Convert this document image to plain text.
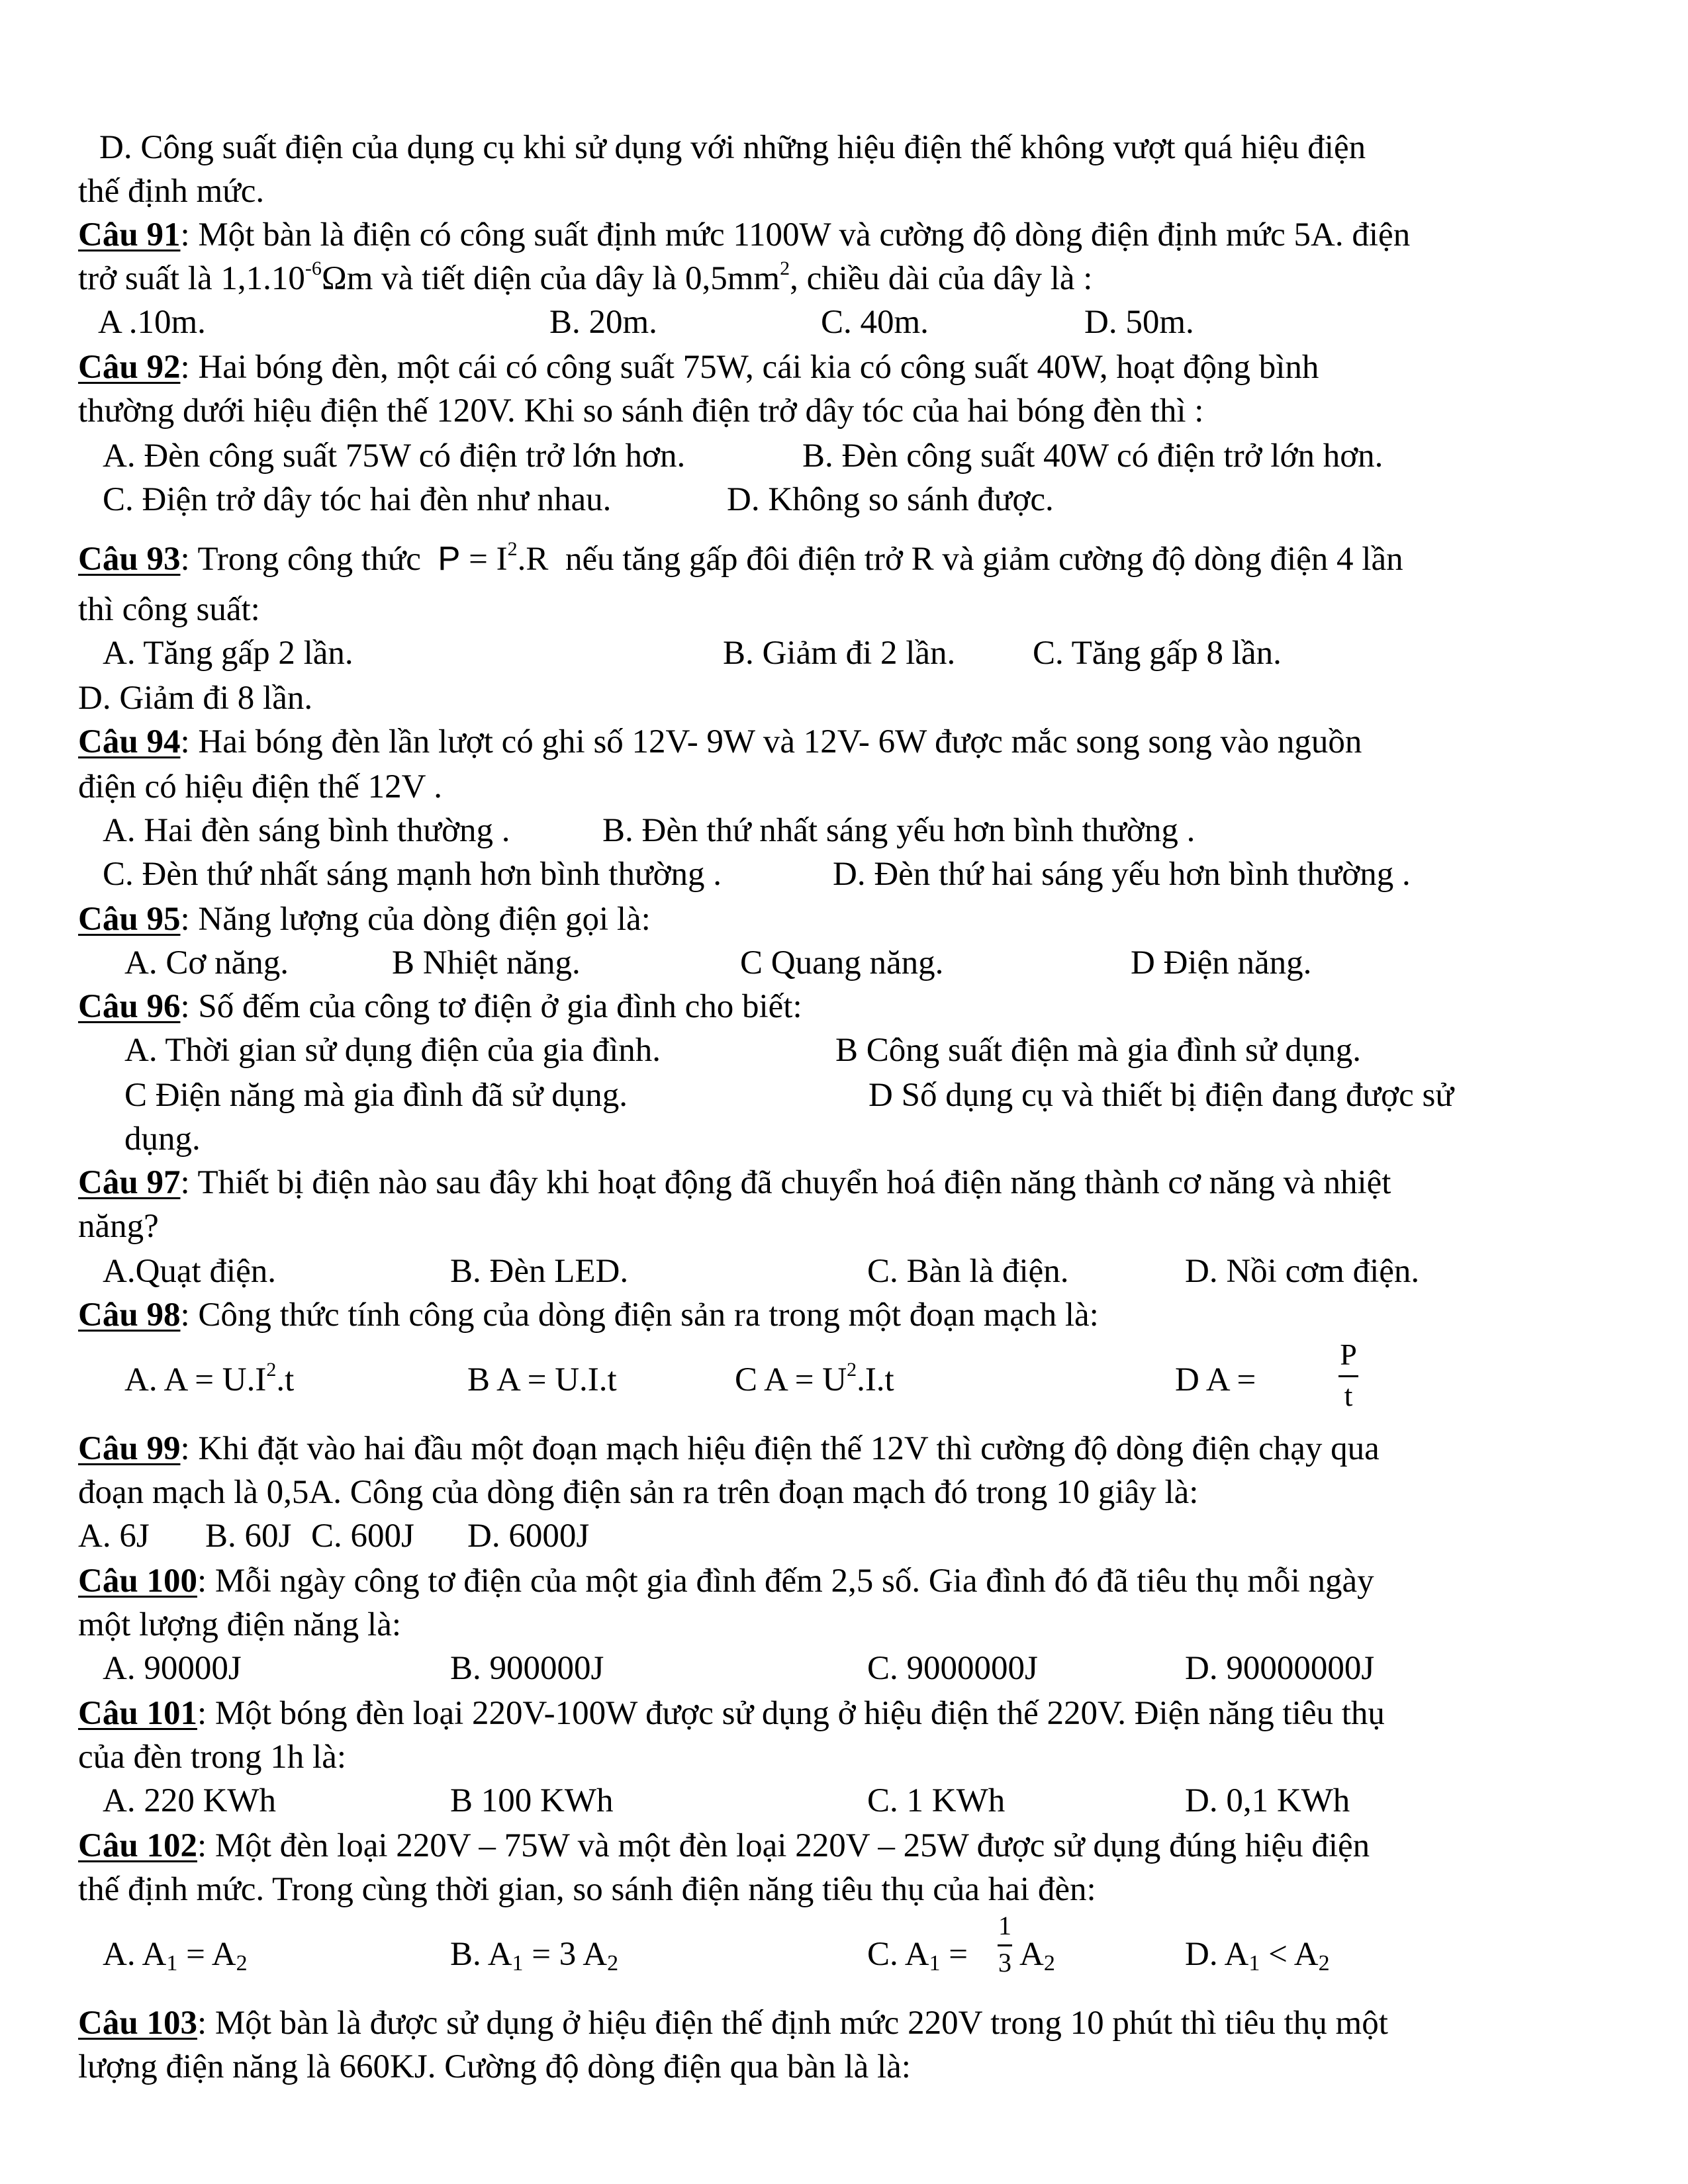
D. Công suất điện của dụng cụ khi sử dụng với những hiệu điện thế không vượt quá hiệu điện
thế định mức.
Câu 91: Một bàn là điện có công suất định mức 1100W và cường độ dòng điện định mức 5A. điện
trở suất là $1,1.10^{-6}\Omega m$ và tiết diện của dây là $0,5mm^2$, chiều dài của dây là :
A .10m.	B. 20m.	C. 40m.	D. 50m.
Câu 92: Hai bóng đèn, một cái có công suất 75W, cái kia có công suất 40W, hoạt động bình
thường dưới hiệu điện thế 120V. Khi so sánh điện trở dây tóc của hai bóng đèn thì :
A. Đèn công suất 75W có điện trở lớn hơn.	B. Đèn công suất 40W có điện trở lớn hơn.
C. Điện trở dây tóc hai đèn như nhau.	D. Không so sánh được.
Câu 93: Trong công thức $P = I^2.R$ nếu tăng gấp đôi điện trở R và giảm cường độ dòng điện 4 lần
thì công suất:
A. Tăng gấp 2 lần.	B. Giảm đi 2 lần. C. Tăng gấp 8 lần.
D. Giảm đi 8 lần.
Câu 94: Hai bóng đèn lần lượt có ghi số 12V- 9W và 12V- 6W được mắc song song vào nguồn
điện có hiệu điện thế 12V .
A. Hai đèn sáng bình thường .	B. Đèn thứ nhất sáng yếu hơn bình thường .
C. Đèn thứ nhất sáng mạnh hơn bình thường .	D. Đèn thứ hai sáng yếu hơn bình thường .
Câu 95: Năng lượng của dòng điện gọi là:
A. Cơ năng.	B Nhiệt năng.	C Quang năng.	D Điện năng.
Câu 96: Số đếm của công tơ điện ở gia đình cho biết:
A. Thời gian sử dụng điện của gia đình.	B Công suất điện mà gia đình sử dụng.
C Điện năng mà gia đình đã sử dụng.	D Số dụng cụ và thiết bị điện đang được sử
dụng.
Câu 97: Thiết bị điện nào sau đây khi hoạt động đã chuyển hoá điện năng thành cơ năng và nhiệt
năng?
A.Quạt điện.	B. Đèn LED.	C. Bàn là điện.	D. Nồi cơm điện.
Câu 98: Công thức tính công của dòng điện sản ra trong một đoạn mạch là:
A. $A = U.I^2.t$	B A = U.I.t	C $A = U^2.I.t$	D A =	$\frac{P}{t}$
Câu 99: Khi đặt vào hai đầu một đoạn mạch hiệu điện thế 12V thì cường độ dòng điện chạy qua
đoạn mạch là 0,5A. Công của dòng điện sản ra trên đoạn mạch đó trong 10 giây là:
A. 6J B. 60J C. 600J D. 6000J
Câu 100: Mỗi ngày công tơ điện của một gia đình đếm 2,5 số. Gia đình đó đã tiêu thụ mỗi ngày
một lượng điện năng là:
A. 90000J	B. 900000J	C. 9000000J	D. 90000000J
Câu 101: Một bóng đèn loại 220V-100W được sử dụng ở hiệu điện thế 220V. Điện năng tiêu thụ
của đèn trong 1h là:
A. 220 KWh	B 100 KWh	C. 1 KWh	D. 0,1 KWh
Câu 102: Một đèn loại 220V – 75W và một đèn loại 220V – 25W được sử dụng đúng hiệu điện
thế định mức. Trong cùng thời gian, so sánh điện năng tiêu thụ của hai đèn:
A. $A_1 = A_2$	B. $A_1 = 3$ $A_2$	C. $A_1 = \frac{1}{3} A_2$	D. $A_1 < A_2$
Câu 103: Một bàn là được sử dụng ở hiệu điện thế định mức 220V trong 10 phút thì tiêu thụ một
lượng điện năng là 660KJ. Cường độ dòng điện qua bàn là là:
